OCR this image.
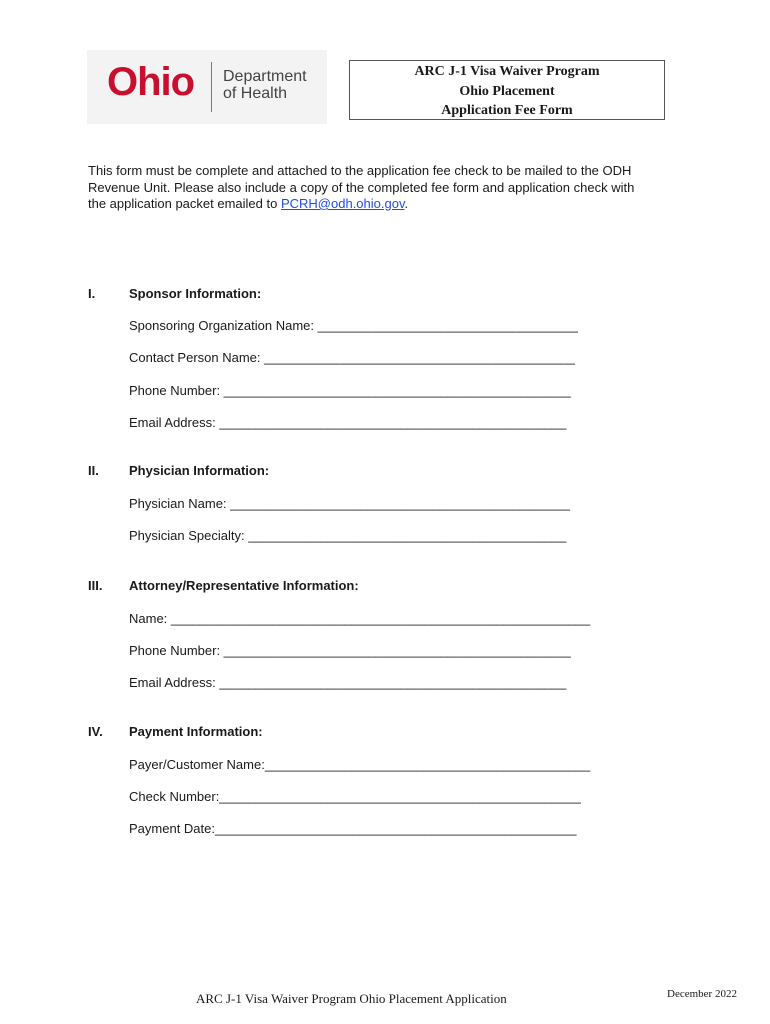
Ohio Department
of Health
ARC J-1 Visa Waiver Program
Ohio Placement
Application Fee Form
This form must be complete and attached to the application fee check to be mailed to the ODH Revenue Unit. Please also include a copy of the completed fee form and application check with the application packet emailed to PCRH@odh.ohio.gov.
I.	Sponsor Information:
Sponsoring Organization Name: ____________________________________
Contact Person Name: ___________________________________________
Phone Number: ________________________________________________
Email Address: ________________________________________________
II. Physician Information:
Physician Name: _______________________________________________
Physician Specialty: ____________________________________________
III. Attorney/Representative Information:
Name: __________________________________________________________
Phone Number: ________________________________________________
Email Address: ________________________________________________
IV. Payment Information:
Payer/Customer Name:_____________________________________________
Check Number:__________________________________________________
Payment Date:__________________________________________________
ARC J-1 Visa Waiver Program Ohio Placement Application	December 2022
